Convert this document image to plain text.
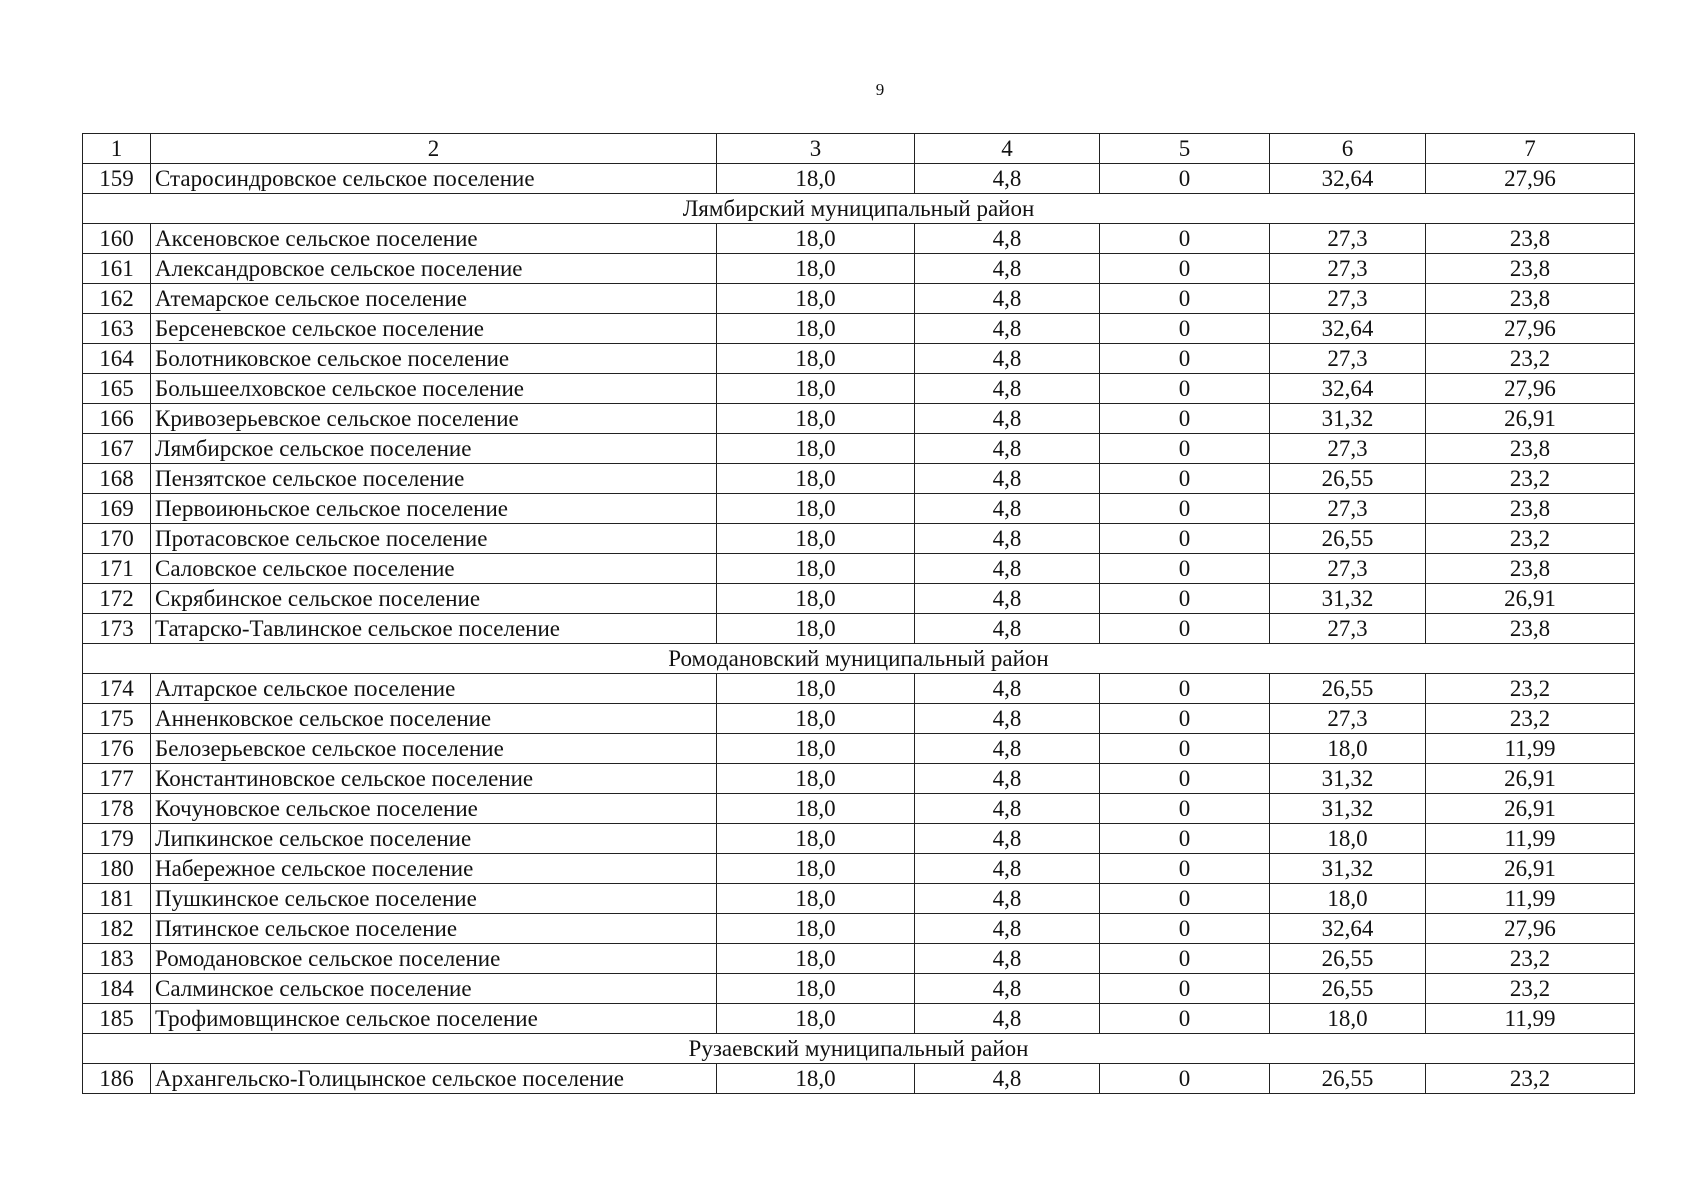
9
1	2	3	4	5	6	7
159	Старосиндровское сельское поселение	18,0	4,8	0	32,64	27,96
Лямбирский муниципальный район						
160	Аксеновское сельское поселение	18,0	4,8	0	27,3	23,8
161	Александровское сельское поселение	18,0	4,8	0	27,3	23,8
162	Атемарское сельское поселение	18,0	4,8	0	27,3	23,8
163	Берсеневское сельское поселение	18,0	4,8	0	32,64	27,96
164	Болотниковское сельское поселение	18,0	4,8	0	27,3	23,2
165	Большеелховское сельское поселение	18,0	4,8	0	32,64	27,96
166	Кривозерьевское сельское поселение	18,0	4,8	0	31,32	26,91
167	Лямбирское сельское поселение	18,0	4,8	0	27,3	23,8
168	Пензятское сельское поселение	18,0	4,8	0	26,55	23,2
169	Первоиюньское сельское поселение	18,0	4,8	0	27,3	23,8
170	Протасовское сельское поселение	18,0	4,8	0	26,55	23,2
171	Саловское сельское поселение	18,0	4,8	0	27,3	23,8
172	Скрябинское сельское поселение	18,0	4,8	0	31,32	26,91
173	Татарско-Тавлинское сельское поселение	18,0	4,8	0	27,3	23,8
Ромодановский муниципальный район						
174	Алтарское сельское поселение	18,0	4,8	0	26,55	23,2
175	Анненковское сельское поселение	18,0	4,8	0	27,3	23,2
176	Белозерьевское сельское поселение	18,0	4,8	0	18,0	11,99
177	Константиновское сельское поселение	18,0	4,8	0	31,32	26,91
178	Кочуновское сельское поселение	18,0	4,8	0	31,32	26,91
179	Липкинское сельское поселение	18,0	4,8	0	18,0	11,99
180	Набережное сельское поселение	18,0	4,8	0	31,32	26,91
181	Пушкинское сельское поселение	18,0	4,8	0	18,0	11,99
182	Пятинское сельское поселение	18,0	4,8	0	32,64	27,96
183	Ромодановское сельское поселение	18,0	4,8	0	26,55	23,2
184	Салминское сельское поселение	18,0	4,8	0	26,55	23,2
185	Трофимовщинское сельское поселение	18,0	4,8	0	18,0	11,99
Рузаевский муниципальный район						
186	Архангельско-Голицынское сельское поселение	18,0	4,8	0	26,55	23,2
